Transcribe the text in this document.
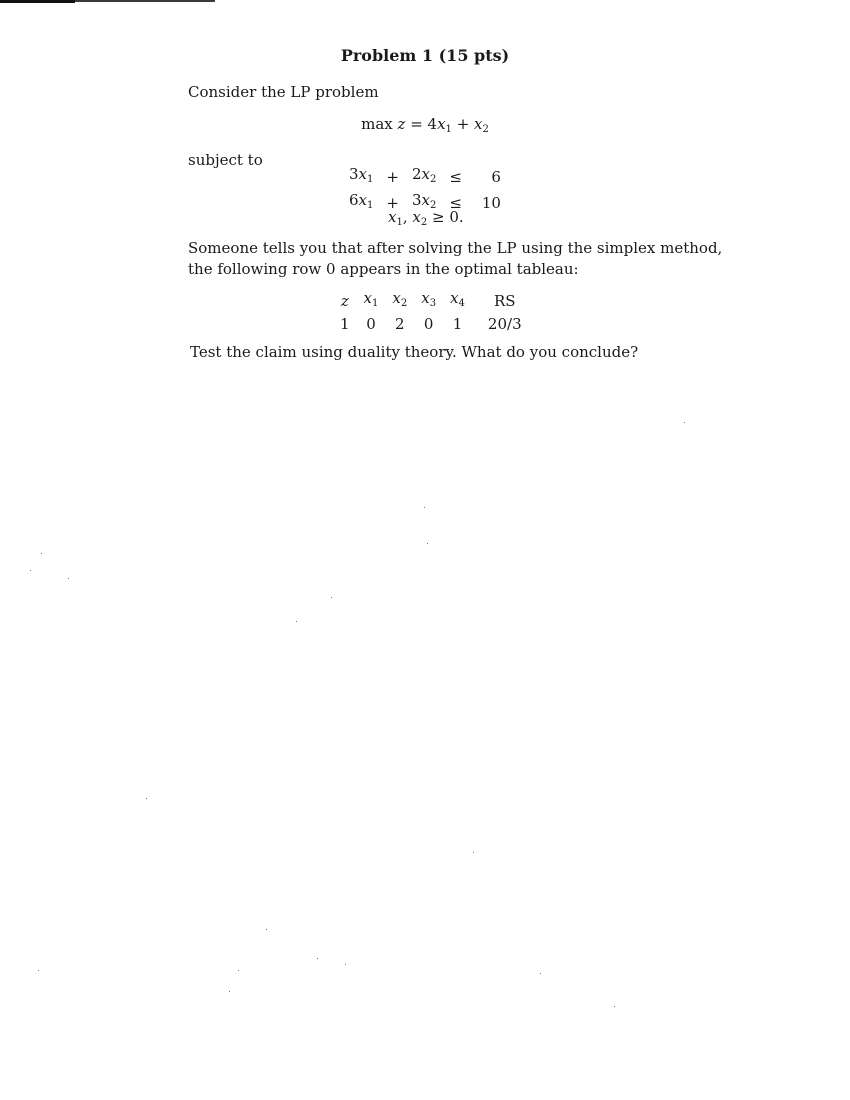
Problem 1 (15 pts)
Consider the LP problem
$\max z = 4x_1 + x_2$
subject to
$3x_1$	+	$2x_2$	≤	6
$6x_1$	+	$3x_2$	≤	10
$x_1$, $x_2 \ge 0$.
Someone tells you that after solving the LP using the simplex method,
the following row 0 appears in the optimal tableau:
z	$x_1$	$x_2$	$x_3$	$x_4$	RS
1	0	2	0	1	20/3
Test the claim using duality theory. What do you conclude?
